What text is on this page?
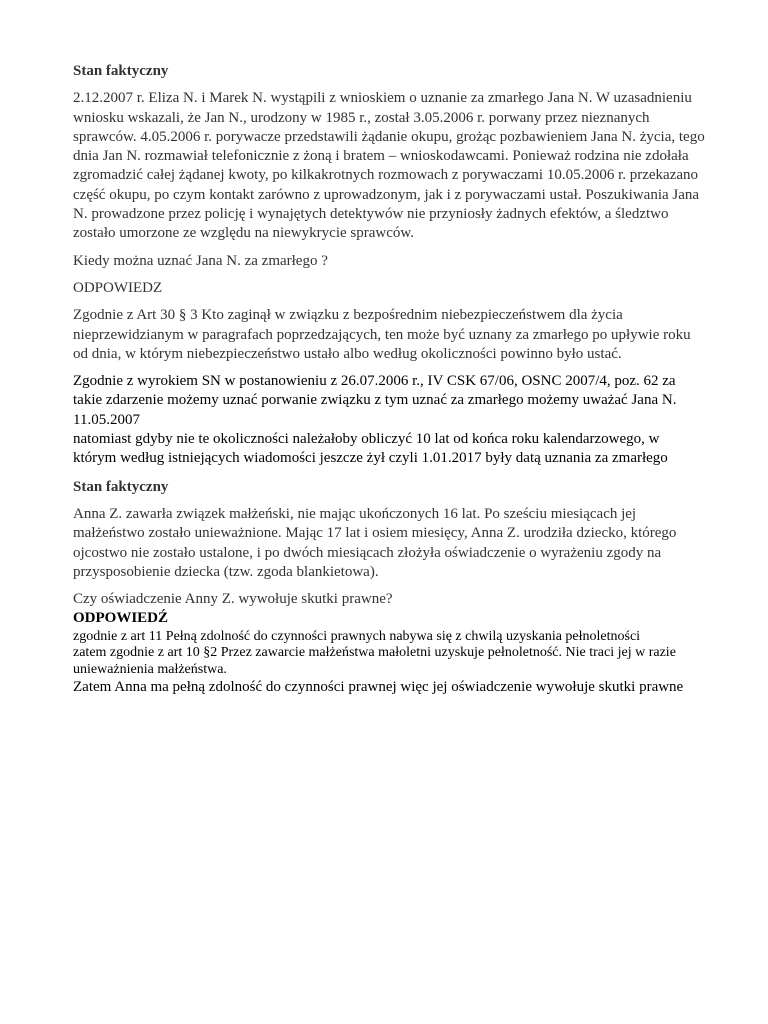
Stan faktyczny

2.12.2007 r. Eliza N. i Marek N. wystąpili z wnioskiem o uznanie za zmarłego Jana N. W uzasadnieniu wniosku wskazali, że Jan N., urodzony w 1985 r., został 3.05.2006 r. porwany przez nieznanych sprawców. 4.05.2006 r. porywacze przedstawili żądanie okupu, grożąc pozbawieniem Jana N. życia, tego dnia Jan N. rozmawiał telefonicznie z żoną i bratem – wnioskodawcami. Ponieważ rodzina nie zdołała zgromadzić całej żądanej kwoty, po kilkakrotnych rozmowach z porywaczami 10.05.2006 r. przekazano część okupu, po czym kontakt zarówno z uprowadzonym, jak i z porywaczami ustał. Poszukiwania Jana N. prowadzone przez policję i wynajętych detektywów nie przyniosły żadnych efektów, a śledztwo zostało umorzone ze względu na niewykrycie sprawców.

Kiedy można uznać Jana N. za zmarłego ?

ODPOWIEDZ

Zgodnie z Art 30 § 3 Kto zaginął w związku z bezpośrednim niebezpieczeństwem dla życia nieprzewidzianym w paragrafach poprzedzających, ten może być uznany za zmarłego po upływie roku od dnia, w którym niebezpieczeństwo ustało albo według okoliczności powinno było ustać.

Zgodnie z wyrokiem SN w postanowieniu z 26.07.2006 r., IV CSK 67/06, OSNC 2007/4, poz. 62 za takie zdarzenie możemy uznać porwanie związku z tym uznać za zmarłego możemy uważać Jana N. 11.05.2007

natomiast gdyby nie te okoliczności należałoby obliczyć 10 lat od końca roku kalendarzowego, w którym według istniejących wiadomości jeszcze żył czyli 1.01.2017 były datą uznania za zmarłego

Stan faktyczny

Anna Z. zawarła związek małżeński, nie mając ukończonych 16 lat. Po sześciu miesiącach jej małżeństwo zostało unieważnione. Mając 17 lat i osiem miesięcy, Anna Z. urodziła dziecko, którego ojcostwo nie zostało ustalone, i po dwóch miesiącach złożyła oświadczenie o wyrażeniu zgody na przysposobienie dziecka (tzw. zgoda blankietowa).

Czy oświadczenie Anny Z. wywołuje skutki prawne?

ODPOWIEDŹ

zgodnie z art 11 Pełną zdolność do czynności prawnych nabywa się z chwilą uzyskania pełnoletności

zatem zgodnie z art 10 §2 Przez zawarcie małżeństwa małoletni uzyskuje pełnoletność. Nie traci jej w razie unieważnienia małżeństwa.

Zatem Anna ma pełną zdolność do czynności prawnej więc jej oświadczenie wywołuje skutki prawne
